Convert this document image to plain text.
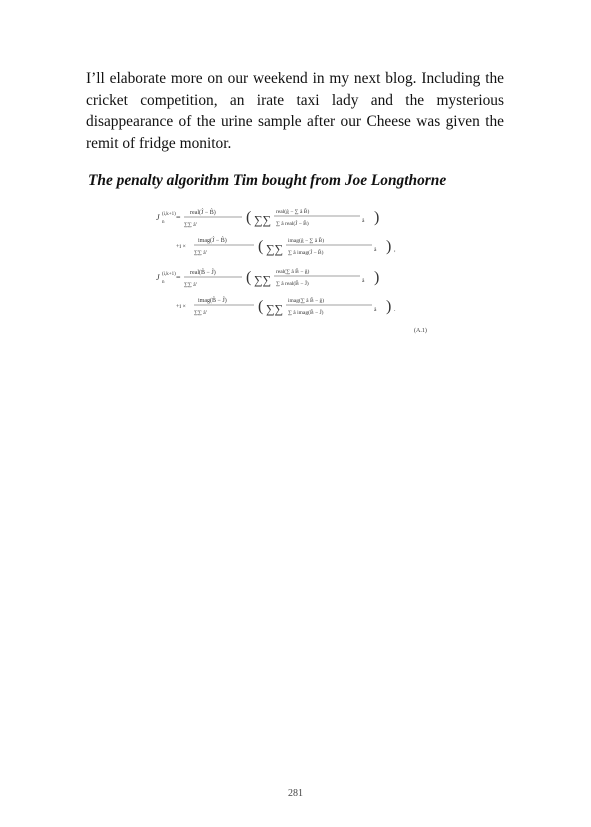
I’ll elaborate more on our weekend in my next blog. Including the cricket competition, an irate taxi lady and the mysterious disappearance of the urine sample after our Cheese was given the remit of fridge monitor.

The penalty algorithm Tim bought from Joe Longthorne

J (i,k+1)
n
= real(Ĵ − B̂)
∑∑ â’	( ∑∑
real(ĝ − ∑ â B̂)
∑ â real(Ĵ − B̂)	â )
+i ×
imag(Ĵ − B̂)
∑∑ â’	( ∑∑
imag(ĝ − ∑ â B̂)
∑ â imag(Ĵ − B̂)	â ) ,
J (i,k+1)
n
= real(B̂ − Ĵ)
∑∑ â’	( ∑∑
real(∑ â B̂ − ĝ)
∑ â real(B̂ − Ĵ)	â )
+i ×
imag(B̂ − Ĵ)
∑∑ â’	( ∑∑
imag(∑ â B̂ − ĝ)
∑ â imag(B̂ − Ĵ)	â ) .
(A.1)
281
